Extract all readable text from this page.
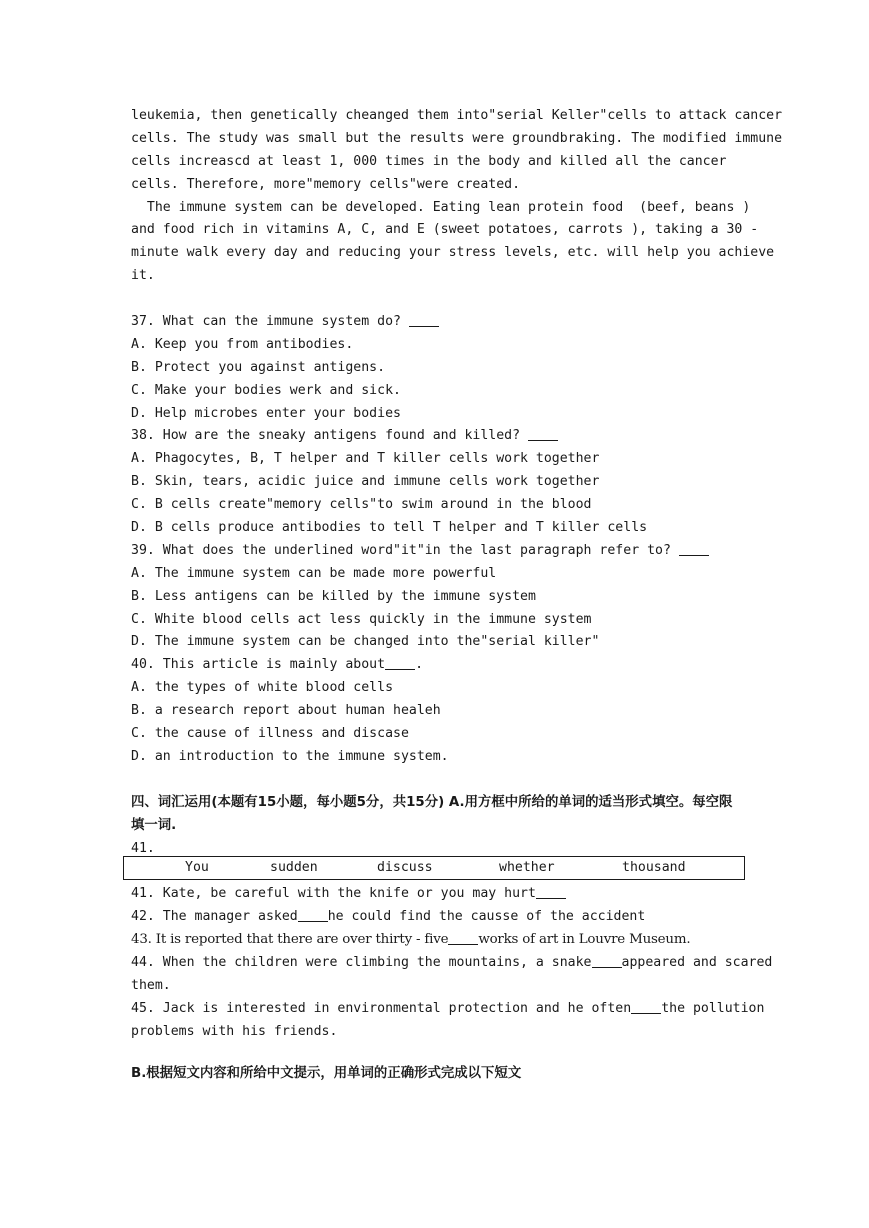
leukemia, then genetically cheanged them into"serial Keller"cells to attack cancer
cells. The study was small but the results were groundbraking. The modified immune
cells increascd at least 1, 000 times in the body and killed all the cancer
cells. Therefore, more"memory cells"were created.
The immune system can be developed. Eating lean protein food  (beef, beans )
and food rich in vitamins A, C, and E (sweet potatoes, carrots ), taking a 30 -
minute walk every day and reducing your stress levels, etc. will help you achieve
it.
37. What can the immune system do?
A. Keep you from antibodies.
B. Protect you against antigens.
C. Make your bodies werk and sick.
D. Help microbes enter your bodies
38. How are the sneaky antigens found and killed?
A. Phagocytes, B, T helper and T killer cells work together
B. Skin, tears, acidic juice and immune cells work together
C. B cells create"memory cells"to swim around in the blood
D. B cells produce antibodies to tell T helper and T killer cells
39. What does the underlined word"it"in the last paragraph refer to?
A. The immune system can be made more powerful
B. Less antigens can be killed by the immune system
C. White blood cells act less quickly in the immune system
D. The immune system can be changed into the"serial killer"
40. This article is mainly about .
A. the types of white blood cells
B. a research report about human healeh
C. the cause of illness and discase
D. an introduction to the immune system.
四、词汇运用(本题有15小题，每小题5分，共15分) A.用方框中所给的单词的适当形式填空。每空限填一词.
41.
41. Kate, be careful with the knife or you may hurt
42. The manager asked he could find the causse of the accident
43. It is reported that there are over thirty - five works of art in Louvre Museum.
44. When the children were climbing the mountains, a snake appeared and scared
them.
45. Jack is interested in environmental protection and he often the pollution
problems with his friends.
You	sudden	discuss	whether	thousand
B.根据短文内容和所给中文提示，用单词的正确形式完成以下短文
